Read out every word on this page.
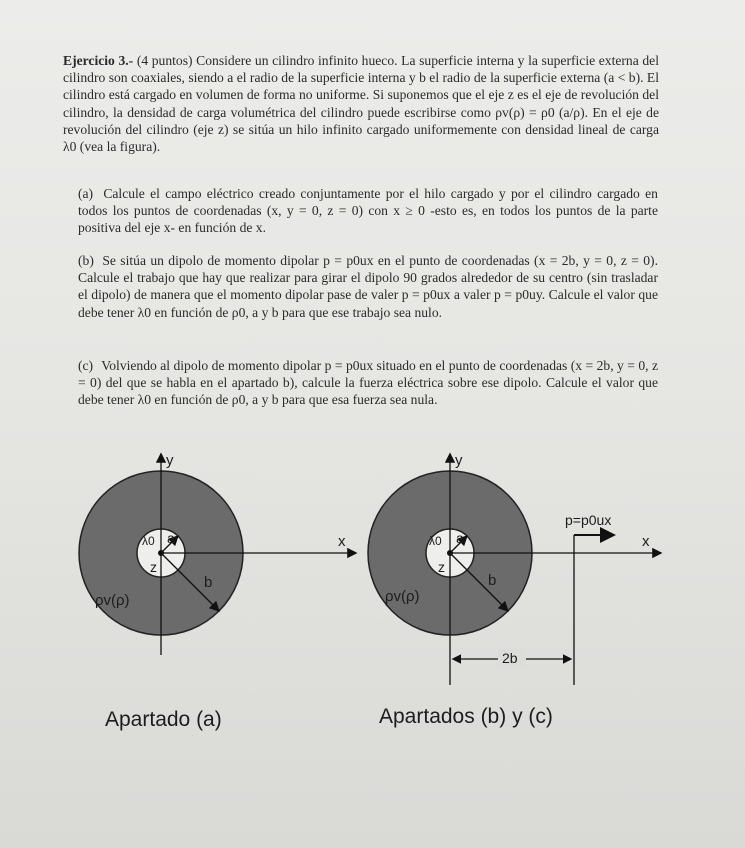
Ejercicio 3.- (4 puntos) Considere un cilindro infinito hueco. La superficie interna y la superficie externa del cilindro son coaxiales, siendo a el radio de la superficie interna y b el radio de la superficie externa (a < b). El cilindro está cargado en volumen de forma no uniforme. Si suponemos que el eje z es el eje de revolución del cilindro, la densidad de carga volumétrica del cilindro puede escribirse como ρv(ρ) = ρ0 (a/ρ). En el eje de revolución del cilindro (eje z) se sitúa un hilo infinito cargado uniformemente con densidad lineal de carga λ0 (vea la figura).
(a) Calcule el campo eléctrico creado conjuntamente por el hilo cargado y por el cilindro cargado en todos los puntos de coordenadas (x, y = 0, z = 0) con x ≥ 0 -esto es, en todos los puntos de la parte positiva del eje x- en función de x.
(b) Se sitúa un dipolo de momento dipolar p = p0ux en el punto de coordenadas (x = 2b, y = 0, z = 0). Calcule el trabajo que hay que realizar para girar el dipolo 90 grados alrededor de su centro (sin trasladar el dipolo) de manera que el momento dipolar pase de valer p = p0ux a valer p = p0uy. Calcule el valor que debe tener λ0 en función de ρ0, a y b para que ese trabajo sea nulo.
(c) Volviendo al dipolo de momento dipolar p = p0ux situado en el punto de coordenadas (x = 2b, y = 0, z = 0) del que se habla en el apartado b), calcule la fuerza eléctrica sobre ese dipolo. Calcule el valor que debe tener λ0 en función de ρ0, a y b para que esa fuerza sea nula.
y
x
λ0 a
z
b
ρv(ρ)
Apartado (a)
y
x
λ0 a
z
b
ρv(ρ)
p=p0ux
2b
Apartados (b) y (c)
